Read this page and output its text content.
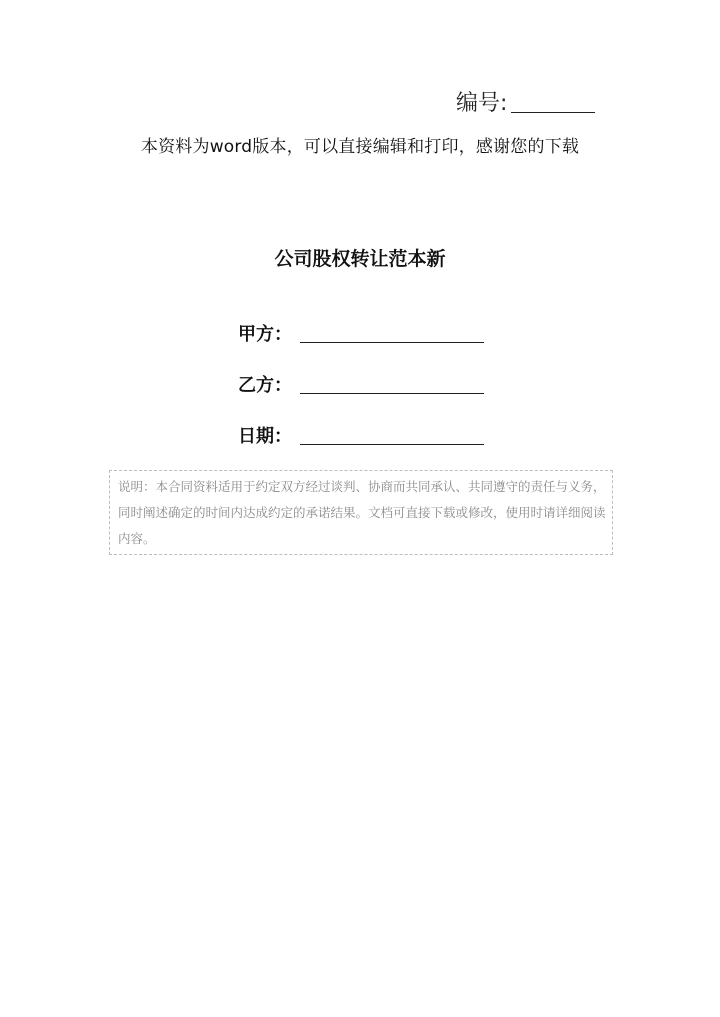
编号:
本资料为word版本，可以直接编辑和打印，感谢您的下载
公司股权转让范本新
甲方：
乙方：
日期：
说明：本合同资料适用于约定双方经过谈判、协商而共同承认、共同遵守的责任与义务，同时阐述确定的时间内达成约定的承诺结果。文档可直接下载或修改，使用时请详细阅读内容。
